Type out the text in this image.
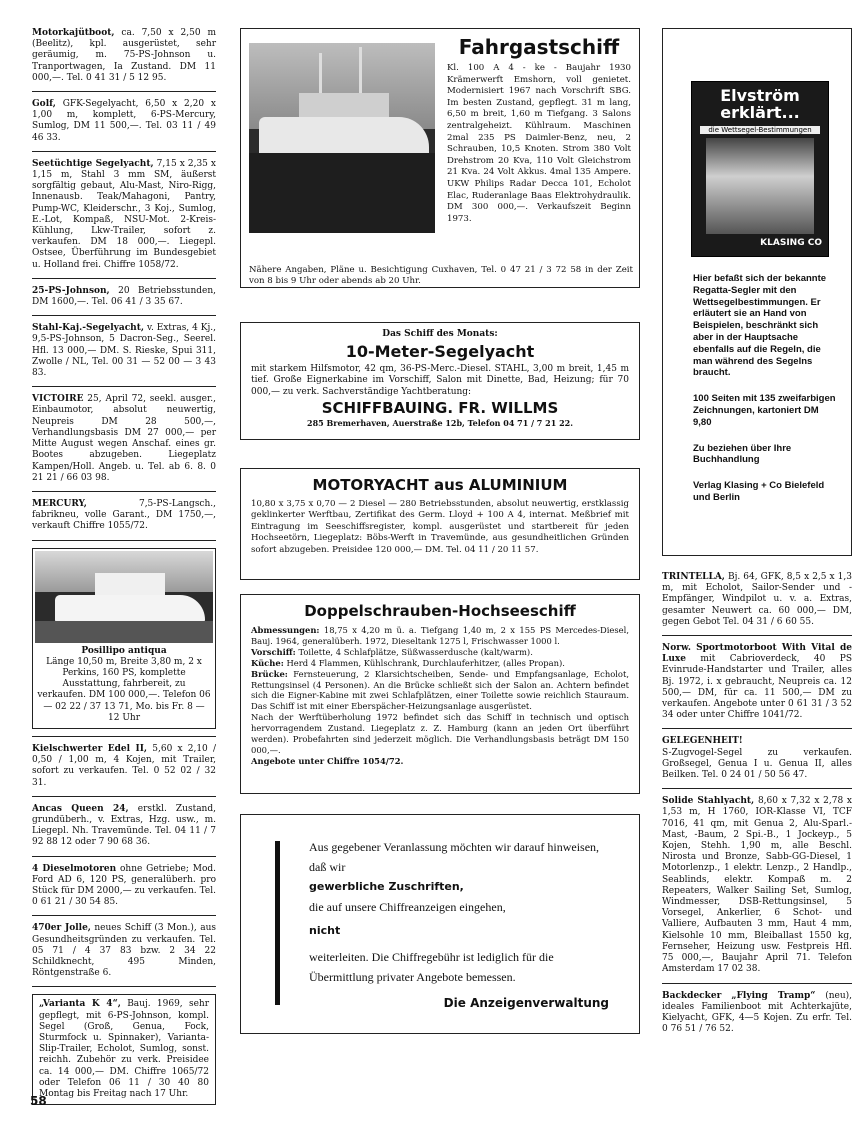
Motorkajütboot, ca. 7,50 x 2,50 m (Beelitz), kpl. ausgerüstet, sehr geräumig, m. 75-PS-Johnson u. Tranportwagen, Ia Zustand. DM 11 000,—. Tel. 0 41 31 / 5 12 95.
Golf, GFK-Segelyacht, 6,50 x 2,20 x 1,00 m, komplett, 6-PS-Mercury, Sumlog, DM 11 500,—. Tel. 03 11 / 49 46 33.
Seetüchtige Segelyacht, 7,15 x 2,35 x 1,15 m, Stahl 3 mm SM, äußerst sorgfältig gebaut, Alu-Mast, Niro-Rigg, Innenausb. Teak/Mahagoni, Pantry, Pump-WC, Kleiderschr., 3 Koj., Sumlog, E.-Lot, Kompaß, NSU-Mot. 2-Kreis-Kühlung, Lkw-Trailer, sofort z. verkaufen. DM 18 000,—. Liegepl. Ostsee, Überführung im Bundesgebiet u. Holland frei. Chiffre 1058/72.
25-PS-Johnson, 20 Betriebsstunden, DM 1600,—. Tel. 06 41 / 3 35 67.
Stahl-Kaj.-Segelyacht, v. Extras, 4 Kj., 9,5-PS-Johnson, 5 Dacron-Seg., Seerel. Hfl. 13 000,— DM. S. Rieske, Spui 311, Zwolle / NL, Tel. 00 31 — 52 00 — 3 43 83.
VICTOIRE 25, April 72, seekl. ausger., Einbaumotor, absolut neuwertig, Neupreis DM 28 500,—, Verhandlungsbasis DM 27 000,— per Mitte August wegen Anschaf. eines gr. Bootes abzugeben. Liegeplatz Kampen/Holl. Angeb. u. Tel. ab 6. 8. 0 21 21 / 66 03 98.
MERCURY,	7,5-PS-Langsch., fabrikneu, volle Garant., DM 1750,—, verkauft Chiffre 1055/72.
Posillipo antiqua
Länge 10,50 m, Breite 3,80 m, 2 x Perkins, 160 PS, komplette Ausstattung, fahrbereit, zu verkaufen. DM 100 000,—. Telefon 06 — 02 22 / 37 13 71, Mo. bis Fr. 8 — 12 Uhr
Kielschwerter Edel II, 5,60 x 2,10 / 0,50 / 1,00 m, 4 Kojen, mit Trailer, sofort zu verkaufen. Tel. 0 52 02 / 32 31.
Ancas Queen 24, erstkl. Zustand, grundüberh., v. Extras, Hzg. usw., m. Liegepl. Nh. Travemünde. Tel. 04 11 / 7 92 88 12 oder 7 90 68 36.
4 Dieselmotoren ohne Getriebe; Mod. Ford AD 6, 120 PS, generalüberh. pro Stück für DM 2000,— zu verkaufen. Tel. 0 61 21 / 30 54 85.
470er Jolle, neues Schiff (3 Mon.), aus Gesundheitsgründen zu verkaufen. Tel. 05 71 / 4 37 83 bzw. 2 34 22 Schildknecht, 495 Minden, Röntgenstraße 6.
„Varianta K 4“, Bauj. 1969, sehr gepflegt, mit 6-PS-Johnson, kompl. Segel (Groß, Genua, Fock, Sturmfock u. Spinnaker), Varianta-Slip-Trailer, Echolot, Sumlog, sonst. reichh. Zubehör zu verk. Preisidee ca. 14 000,— DM. Chiffre 1065/72 oder Telefon 06 11 / 30 40 80 Montag bis Freitag nach 17 Uhr.
Fahrgastschiff
Kl. 100 A 4 - ke - Baujahr 1930 Krämerwerft Emshorn, voll genietet. Modernisiert 1967 nach Vorschrift SBG. Im besten Zustand, gepflegt. 31 m lang, 6,50 m breit, 1,60 m Tiefgang. 3 Salons zentralgeheizt. Kühlraum. Maschinen 2mal 235 PS Daimler-Benz, neu, 2 Schrauben, 10,5 Knoten. Strom 380 Volt Drehstrom 20 Kva, 110 Volt Gleichstrom 21 Kva. 24 Volt Akkus. 4mal 135 Ampere. UKW Philips Radar Decca 101, Echolot Elac, Ruderanlage Baas Elektrohydraulik. DM 300 000,—. Verkaufszeit Beginn 1973.
Nähere Angaben, Pläne u. Besichtigung Cuxhaven, Tel. 0 47 21 / 3 72 58 in der Zeit von 8 bis 9 Uhr oder abends ab 20 Uhr.
Das Schiff des Monats:
10-Meter-Segelyacht
mit starkem Hilfsmotor, 42 qm, 36-PS-Merc.-Diesel. STAHL, 3,00 m breit, 1,45 m tief. Große Eignerkabine im Vorschiff, Salon mit Dinette, Bad, Heizung; für 70 000,— zu verk. Sachverständige Yachtberatung:
SCHIFFBAUING. FR. WILLMS
285 Bremerhaven, Auerstraße 12b, Telefon 04 71 / 7 21 22.
MOTORYACHT aus ALUMINIUM
10,80 x 3,75 x 0,70 — 2 Diesel — 280 Betriebsstunden, absolut neuwertig, erstklassig geklinkerter Werftbau, Zertifikat des Germ. Lloyd + 100 A 4, internat. Meßbrief mit Eintragung im Seeschiffsregister, kompl. ausgerüstet und startbereit für jeden Hochseetörn, Liegeplatz: Böbs-Werft in Travemünde, aus gesundheitlichen Gründen sofort abzugeben. Preisidee 120 000,— DM. Tel. 04 11 / 20 11 57.
Doppelschrauben-Hochseeschiff
Abmessungen: 18,75 x 4,20 m ü. a. Tiefgang 1,40 m, 2 x 155 PS Mercedes-Diesel, Bauj. 1964, generalüberh. 1972, Dieseltank 1275 l, Frischwasser 1000 l.
Vorschiff: Toilette, 4 Schlafplätze, Süßwasserdusche (kalt/warm).
Küche: Herd 4 Flammen, Kühlschrank, Durchlauferhitzer, (alles Propan).
Brücke: Fernsteuerung, 2 Klarsichtscheiben, Sende- und Empfangsanlage, Echolot, Rettungsinsel (4 Personen). An die Brücke schließt sich der Salon an. Achtern befindet sich die Eigner-Kabine mit zwei Schlafplätzen, einer Toilette sowie reichlich Stauraum. Das Schiff ist mit einer Eberspächer-Heizungsanlage ausgerüstet.
Nach der Werftüberholung 1972 befindet sich das Schiff in technisch und optisch hervorragendem Zustand. Liegeplatz z. Z. Hamburg (kann an jeden Ort überführt werden). Probefahrten sind jederzeit möglich. Die Verhandlungsbasis beträgt DM 150 000,—.
Angebote unter Chiffre 1054/72.
Aus gegebener Veranlassung möchten wir darauf hinweisen, daß wir
gewerbliche Zuschriften,
die auf unsere Chiffreanzeigen eingehen,
nicht
weiterleiten. Die Chiffregebühr ist lediglich für die Übermittlung privater Angebote bemessen.
Die Anzeigenverwaltung
Elvström
erklärt...
die Wettsegel-Bestimmungen
KLASING CO
Hier befaßt sich der bekannte Regatta-Segler mit den Wettsegelbestimmungen. Er erläutert sie an Hand von Beispielen, beschränkt sich aber in der Hauptsache ebenfalls auf die Regeln, die man während des Segelns braucht.
100 Seiten mit 135 zweifarbigen Zeichnungen, kartoniert DM 9,80
Zu beziehen über Ihre Buchhandlung
Verlag Klasing + Co Bielefeld und Berlin
TRINTELLA, Bj. 64, GFK, 8,5 x 2,5 x 1,3 m, mit Echolot, Sailor-Sender und -Empfänger, Windpilot u. v. a. Extras, gesamter Neuwert ca. 60 000,— DM, gegen Gebot Tel. 04 31 / 6 60 55.
Norw. Sportmotorboot With Vital de Luxe mit Cabrioverdeck, 40 PS Evinrude-Handstarter und Trailer, alles Bj. 1972, i. x gebraucht, Neupreis ca. 12 500,— DM, für ca. 11 500,— DM zu verkaufen. Angebote unter 0 61 31 / 3 52 34 oder unter Chiffre 1041/72.
GELEGENHEIT!
S-Zugvogel-Segel zu verkaufen. Großsegel, Genua I u. Genua II, alles Beilken. Tel. 0 24 01 / 50 56 47.
Solide Stahlyacht, 8,60 x 7,32 x 2,78 x 1,53 m, H 1760, IOR-Klasse VI, TCF 7016, 41 qm, mit Genua 2, Alu-Sparl.-Mast, -Baum, 2 Spi.-B., 1 Jockeyp., 5 Kojen, Stehh. 1,90 m, alle Beschl. Nirosta und Bronze, Sabb-GG-Diesel, 1 Motorlenzp., 1 elektr. Lenzp., 2 Handlp., Seablinds, elektr. Kompaß m. 2 Repeaters, Walker Sailing Set, Sumlog, Windmesser, DSB-Rettungsinsel, 5 Vorsegel, Ankerlier, 6 Schot- und Valliere, Aufbauten 3 mm, Haut 4 mm, Kielsohle 10 mm, Bleiballast 1550 kg, Fernseher, Heizung usw. Festpreis Hfl. 75 000,—, Baujahr April 71. Telefon Amsterdam 17 02 38.
Backdecker „Flying Tramp“ (neu), ideales Familienboot mit Achterkajüte, Kielyacht, GFK, 4—5 Kojen. Zu erfr. Tel. 0 76 51 / 76 52.
58
